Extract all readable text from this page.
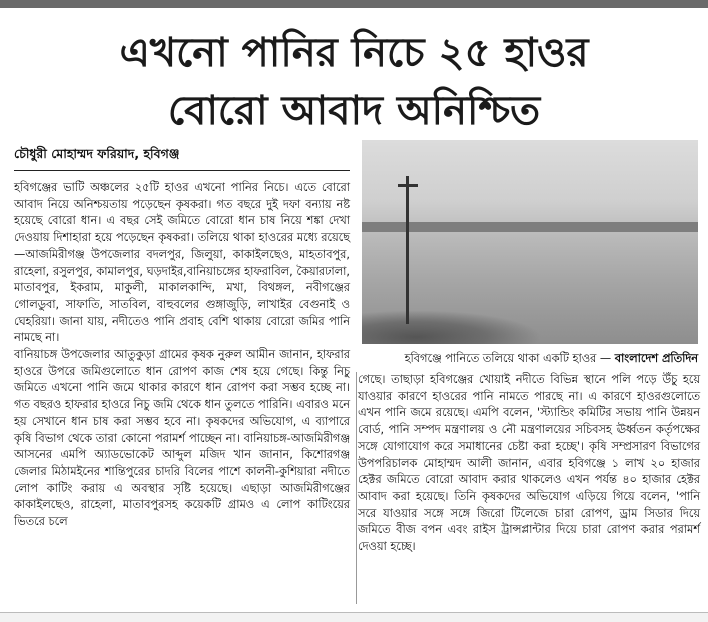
এখনো পানির নিচে ২৫ হাওর
বোরো আবাদ অনিশ্চিত
চৌধুরী মোহাম্মদ ফরিয়াদ, হবিগঞ্জ

হবিগঞ্জের ভাটি অঞ্চলের ২৫টি হাওর এখনো পানির নিচে। এতে বোরো আবাদ নিয়ে অনিশ্চয়তায় পড়েছেন কৃষকরা। গত বছরে দুই দফা বন্যায় নষ্ট হয়েছে বোরো ধান। এ বছর সেই জমিতে বোরো ধান চাষ নিয়ে শঙ্কা দেখা দেওয়ায় দিশাহারা হয়ে পড়েছেন কৃষকরা। তলিয়ে থাকা হাওরের মধ্যে রয়েছে—আজমিরীগঞ্জ উপজেলার বদলপুর, জিলুয়া, কাকাইলছেও, মাহতাবপুর, রাহেলা, রসুলপুর, কামালপুর, ঘড়দাইর,বানিয়াচঙ্গের হাফরাবিল, কৈয়ারঢালা, মাতাবপুর, ইকরাম, মাকুলী, মাকালকান্দি, মখা, বিথঙ্গল, নবীগঞ্জের গোলডুবা, সাফাতি, সাতবিল, বাহুবলের গুঙ্গাজুড়ি, লাখাইর বেগুনাই ও ঘেহরিয়া। জানা যায়, নদীতেও পানি প্রবাহ বেশি থাকায় বোরো জমির পানি নামছে না।

বানিয়াচঙ্গ উপজেলার আতুকুড়া গ্রামের কৃষক নুরুল আমীন জানান, হাফরার হাওরে উপরে জমিগুলোতে ধান রোপণ কাজ শেষ হয়ে গেছে। কিন্তু নিচু জমিতে এখনো পানি জমে থাকার কারণে ধান রোপণ করা সম্ভব হচ্ছে না। গত বছরও হাফরার হাওরে নিচু জমি থেকে ধান তুলতে পারিনি। এবারও মনে হয় সেখানে ধান চাষ করা সম্ভব হবে না। কৃষকদের অভিযোগ, এ ব্যাপারে কৃষি বিভাগ থেকে তারা কোনো পরামর্শ পাচ্ছেন না। বানিয়াচঙ্গ-আজমিরীগঞ্জ আসনের এমপি অ্যাডভোকেট আব্দুল মজিদ খান জানান, কিশোরগঞ্জ জেলার মিঠামইনের শান্তিপুরের চাদরি বিলের পাশে কালনী-কুশিয়ারা নদীতে লোপ কাটিং করায় এ অবস্থার সৃষ্টি হয়েছে। এছাড়া আজমিরীগঞ্জের কাকাইলছেও, রাহেলা, মাতাবপুরসহ কয়েকটি গ্রামও এ লোপ কাটিংয়ের ভিতরে চলে

হবিগঞ্জে পানিতে তলিয়ে থাকা একটি হাওর — বাংলাদেশ প্রতিদিন

গেছে। তাছাড়া হবিগঞ্জের খোয়াই নদীতে বিভিন্ন স্থানে পলি পড়ে উঁচু হয়ে যাওয়ার কারণে হাওরের পানি নামতে পারছে না। এ কারণে হাওরগুলোতে এখন পানি জমে রয়েছে। এমপি বলেন, 'স্ট্যান্ডিং কমিটির সভায় পানি উন্নয়ন বোর্ড, পানি সম্পদ মন্ত্রণালয় ও নৌ মন্ত্রণালয়ের সচিবসহ ঊর্ধ্বতন কর্তৃপক্ষের সঙ্গে যোগাযোগ করে সমাধানের চেষ্টা করা হচ্ছে'। কৃষি সম্প্রসারণ বিভাগের উপপরিচালক মোহাম্মদ আলী জানান, এবার হবিগঞ্জে ১ লাখ ২০ হাজার হেক্টর জমিতে বোরো আবাদ করার থাকলেও এখন পর্যন্ত ৪০ হাজার হেক্টর আবাদ করা হয়েছে। তিনি কৃষকদের অভিযোগ এড়িয়ে গিয়ে বলেন, 'পানি সরে যাওয়ার সঙ্গে সঙ্গে জিরো টিলেজে চারা রোপণ, ড্রাম সিডার দিয়ে জমিতে বীজ বপন এবং রাইস ট্রান্সপ্লান্টার দিয়ে চারা রোপণ করার পরামর্শ দেওয়া হচ্ছে।
